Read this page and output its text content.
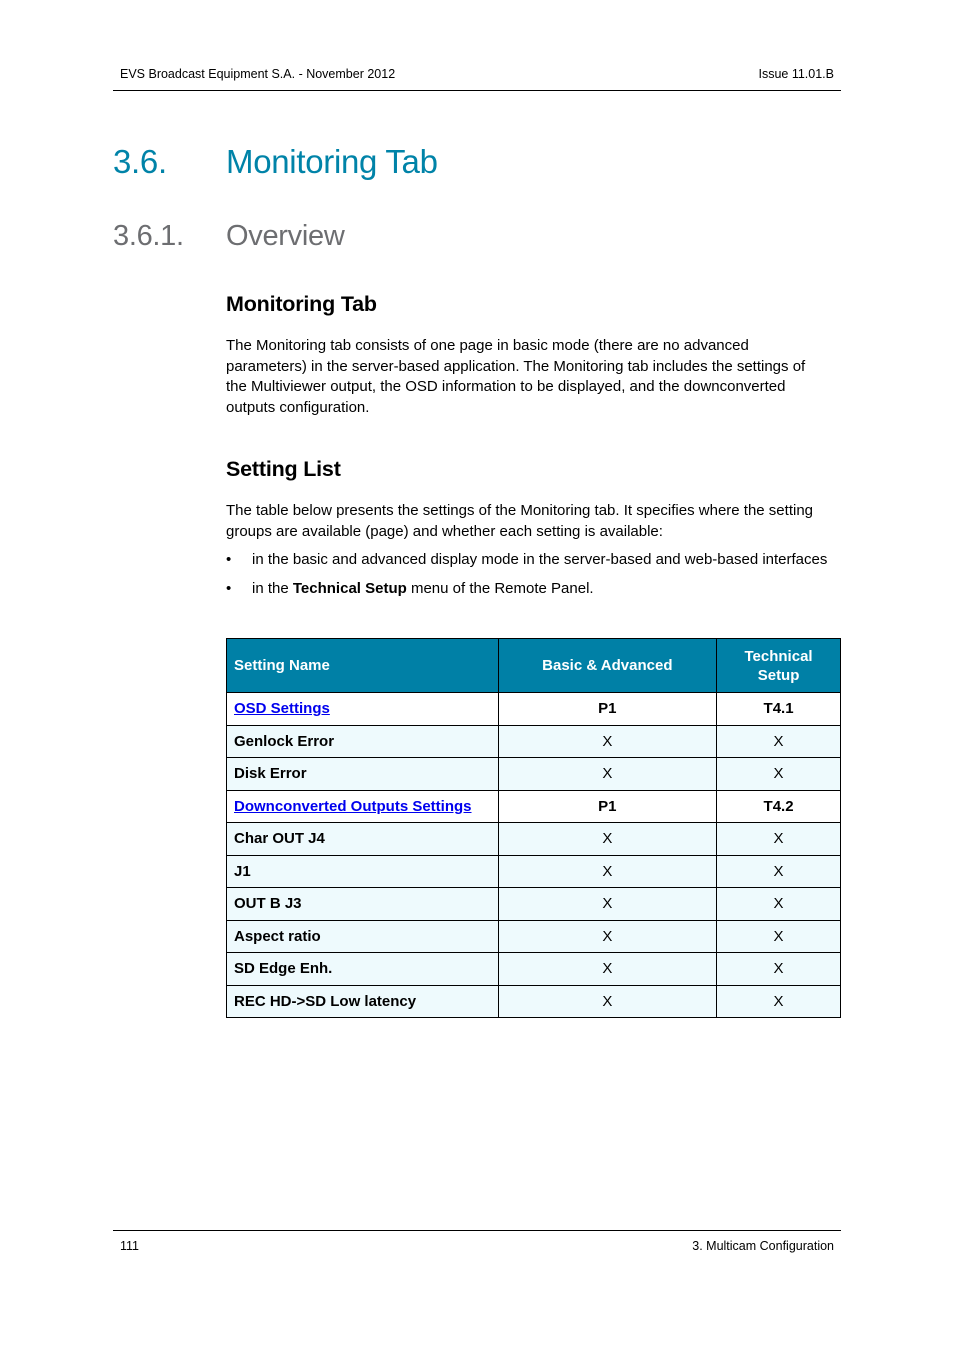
EVS Broadcast Equipment S.A. - November 2012	Issue 11.01.B
3.6. Monitoring Tab
3.6.1. Overview
Monitoring Tab
The Monitoring tab consists of one page in basic mode (there are no advanced
parameters) in the server-based application. The Monitoring tab includes the settings of
the Multiviewer output, the OSD information to be displayed, and the downconverted
outputs configuration.
Setting List
The table below presents the settings of the Monitoring tab. It specifies where the setting
groups are available (page) and whether each setting is available:
• in the basic and advanced display mode in the server-based and web-based interfaces
• in the Technical Setup menu of the Remote Panel.
Setting Name	Basic & Advanced	Technical Setup
OSD Settings	P1	T4.1
Genlock Error	X	X
Disk Error	X	X
Downconverted Outputs Settings	P1	T4.2
Char OUT J4	X	X
J1	X	X
OUT B J3	X	X
Aspect ratio	X	X
SD Edge Enh.	X	X
REC HD->SD Low latency	X	X
111	3. Multicam Configuration
